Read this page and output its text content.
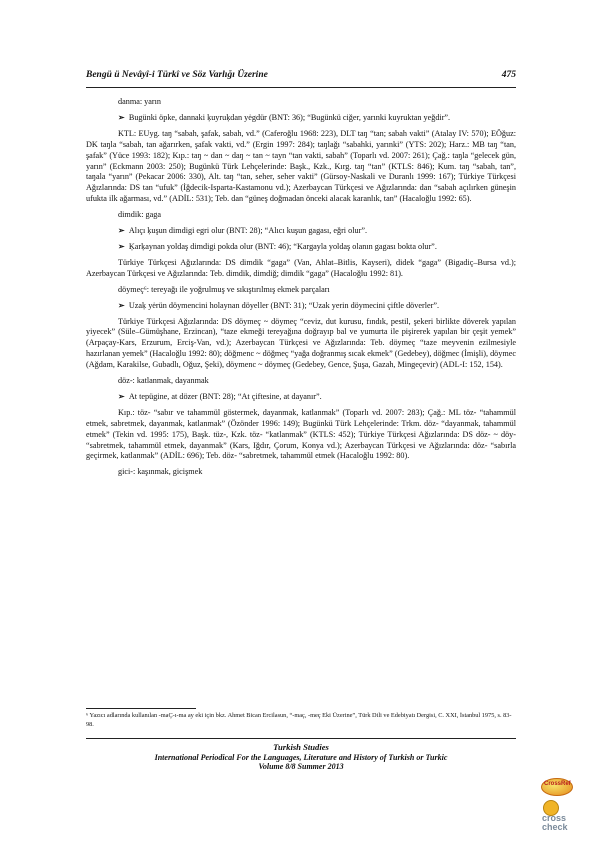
Bengü ü Nevâyî-i Türkî ve Söz Varlığı Üzerine	475

danma: yarın

➢ Bugünki öpke, dannaki ķuyruķdan yėgdür (BNT: 36); “Bugünkü ciğer, yarınki kuyruktan yeğdir”.

KTL: EUyg. taŋ “sabah, şafak, sabah, vd.” (Caferoğlu 1968: 223), DLT taŋ “tan; sabah vakti” (Atalay IV: 570); EÖğuz: DK taŋla “sabah, tan ağarırken, şafak vakti, vd.” (Ergin 1997: 284); taŋlağı “sabahki, yarınki” (YTS: 202); Harz.: MB taŋ “tan, şafak” (Yüce 1993: 182); Kıp.: taŋ ~ dan ~ daŋ ~ tan ~ tayn “tan vakti, sabah” (Toparlı vd. 2007: 261); Çağ.: taŋla “gelecek gün, yarın” (Eckmann 2003: 250); Bugünkü Türk Lehçelerinde: Başk., Kzk., Kırg. taŋ “tan” (KTLS: 846); Kum. taŋ “sabah, tan”, taŋala “yarın” (Pekacar 2006: 330), Alt. taŋ “tan, seher, seher vakti” (Gürsoy-Naskali ve Duranlı 1999: 167); Türkiye Türkçesi Ağızlarında: DS tan “ufuk” (İğdecik-Isparta-Kastamonu vd.); Azerbaycan Türkçesi ve Ağızlarında: dan “sabah açılırken güneşin ufukta ilk ağarması, vd.” (ADİL: 531); Teb. dan “güneş doğmadan önceki alacak karanlık, tan” (Hacaloğlu 1992: 65).

dimdik: gaga

➢ Alıçı ķuşun dimdigi egri olur (BNT: 28); “Alıcı kuşun gagası, eğri olur”.

➢ Ķarķaynan yoldaş dimdigi pokda olur (BNT: 46); “Kargayla yoldaş olanın gagası bokta olur”.

Türkiye Türkçesi Ağızlarında: DS dimdik “gaga” (Van, Ahlat–Bitlis, Kayseri), didek “gaga” (Bigadiç–Bursa vd.); Azerbaycan Türkçesi ve Ağızlarında: Teb. dimdik, dimdiğ; dimdik “gaga” (Hacaloğlu 1992: 81).

döymeç⁶: tereyağı ile yoğrulmuş ve sıkıştırılmış ekmek parçaları

➢ Uzaķ yėrün döymencini holaynan döyeller (BNT: 31); “Uzak yerin döymecini çiftle döverler”.

Türkiye Türkçesi Ağızlarında: DS döymeç ~ döymeç “ceviz, dut kurusu, fındık, pestil, şekeri birlikte döverek yapılan yiyecek” (Süle–Gümüşhane, Erzincan), “taze ekmeği tereyağına doğrayıp bal ve yumurta ile pişirerek yapılan bir çeşit yemek” (Arpaçay-Kars, Erzurum, Erciş-Van, vd.); Azerbaycan Türkçesi ve Ağızlarında: Teb. döymeç “taze meyvenin ezilmesiyle hazırlanan yemek” (Hacaloğlu 1992: 80); döğmenc ~ döğmeç “yağa doğranmış sıcak ekmek” (Gedebey), döğmec (İmişli), döymec (Ağdam, Karakilse, Gubadlı, Oğuz, Şeki), döymenc ~ döymeç (Gedebey, Gence, Şuşa, Gazah, Mingeçevir) (ADL-I: 152, 154).

döz-: katlanmak, dayanmak

➢ At tepügine, at dözer (BNT: 28); “At çiftesine, at dayanır”.

Kıp.: töz- “sabır ve tahammül göstermek, dayanmak, katlanmak” (Toparlı vd. 2007: 283); Çağ.: ML töz- “tahammül etmek, sabretmek, dayanmak, katlanmak” (Özönder 1996: 149); Bugünkü Türk Lehçelerinde: Trkm. döz- “dayanmak, tahammül etmek” (Tekin vd. 1995: 175), Başk. tüz-, Kzk. töz- “katlanmak” (KTLS: 452); Türkiye Türkçesi Ağızlarında: DS döz- ~ döy- “sabretmek, tahammül etmek, dayanmak” (Kars, Iğdır, Çorum, Konya vd.); Azerbaycan Türkçesi ve Ağızlarında: döz- “sabırla geçirmek, katlanmak” (ADİL: 696); Teb. döz- “sabretmek, tahammül etmek (Hacaloğlu 1992: 80).

gici-: kaşınmak, gicişmek

⁶ Yazıcı adlarında kullanılan -maÇ-ı-ma ay eki için bkz. Ahmet Bican Ercilasun, “-maç, -meç Eki Üzerine”, Türk Dili ve Edebiyatı Dergisi, C. XXI, İstanbul 1975, s. 83-98.
Turkish Studies
International Periodical For the Languages, Literature and History of Turkish or Turkic
Volume 8/8 Summer 2013
CrossRef
cross
check
